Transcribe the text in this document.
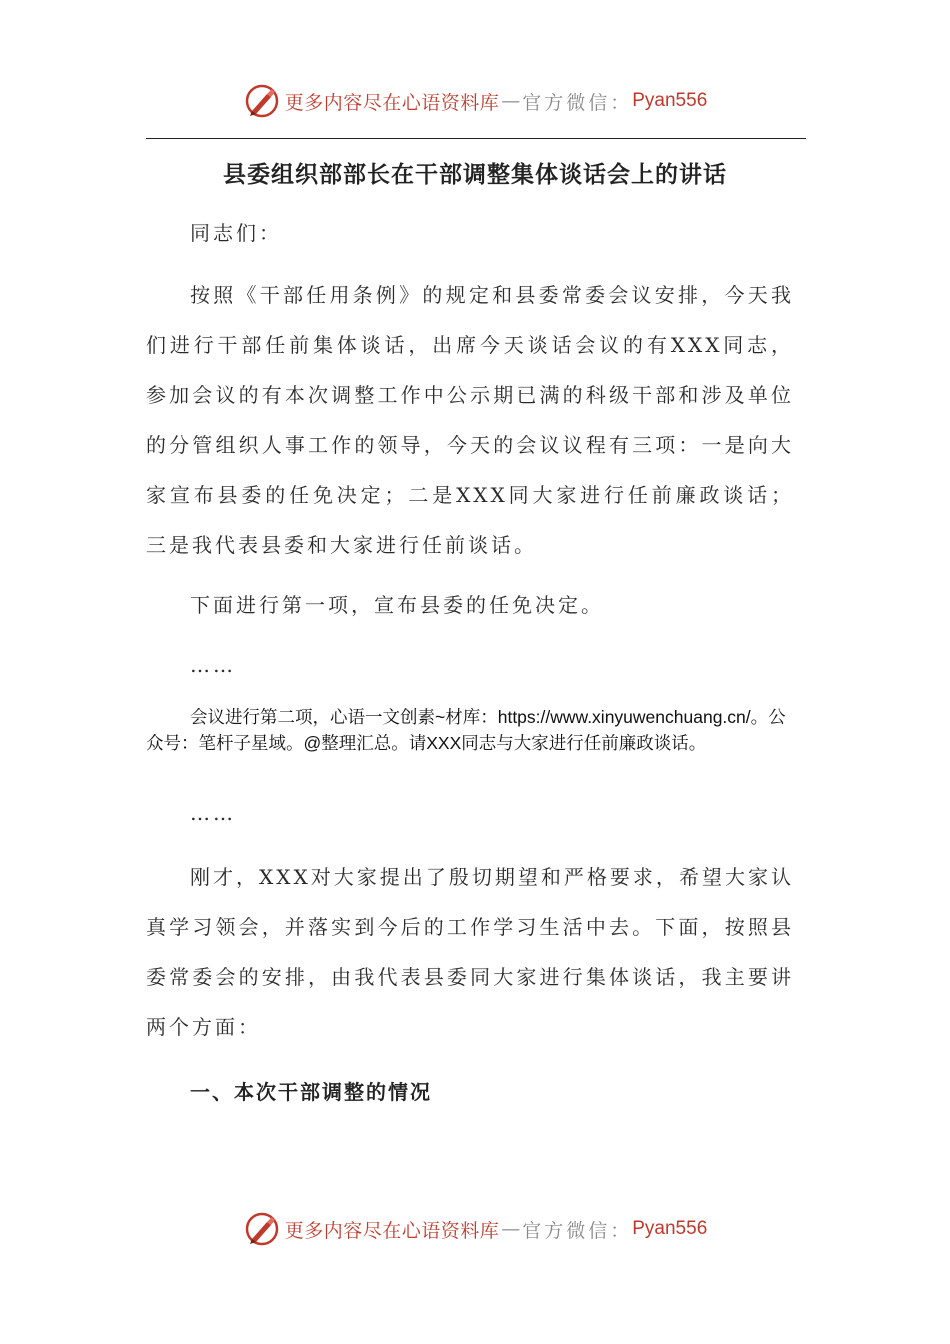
更多内容尽在心语资料库 — 官方微信： Pyan556
县委组织部部长在干部调整集体谈话会上的讲话

同志们：

按照《干部任用条例》的规定和县委常委会议安排，今天我们进行干部任前集体谈话，出席今天谈话会议的有XXX同志，参加会议的有本次调整工作中公示期已满的科级干部和涉及单位的分管组织人事工作的领导，今天的会议议程有三项：一是向大家宣布县委的任免决定；二是XXX同大家进行任前廉政谈话；三是我代表县委和大家进行任前谈话。

下面进行第一项，宣布县委的任免决定。

……

会议进行第二项，心语一文创素~材库：https://www.xinyuwenchuang.cn/。公众号：笔杆子星域。@整理汇总。请XXX同志与大家进行任前廉政谈话。

……

刚才，XXX对大家提出了殷切期望和严格要求，希望大家认真学习领会，并落实到今后的工作学习生活中去。下面，按照县委常委会的安排，由我代表县委同大家进行集体谈话，我主要讲两个方面：

一、本次干部调整的情况
更多内容尽在心语资料库 — 官方微信： Pyan556
